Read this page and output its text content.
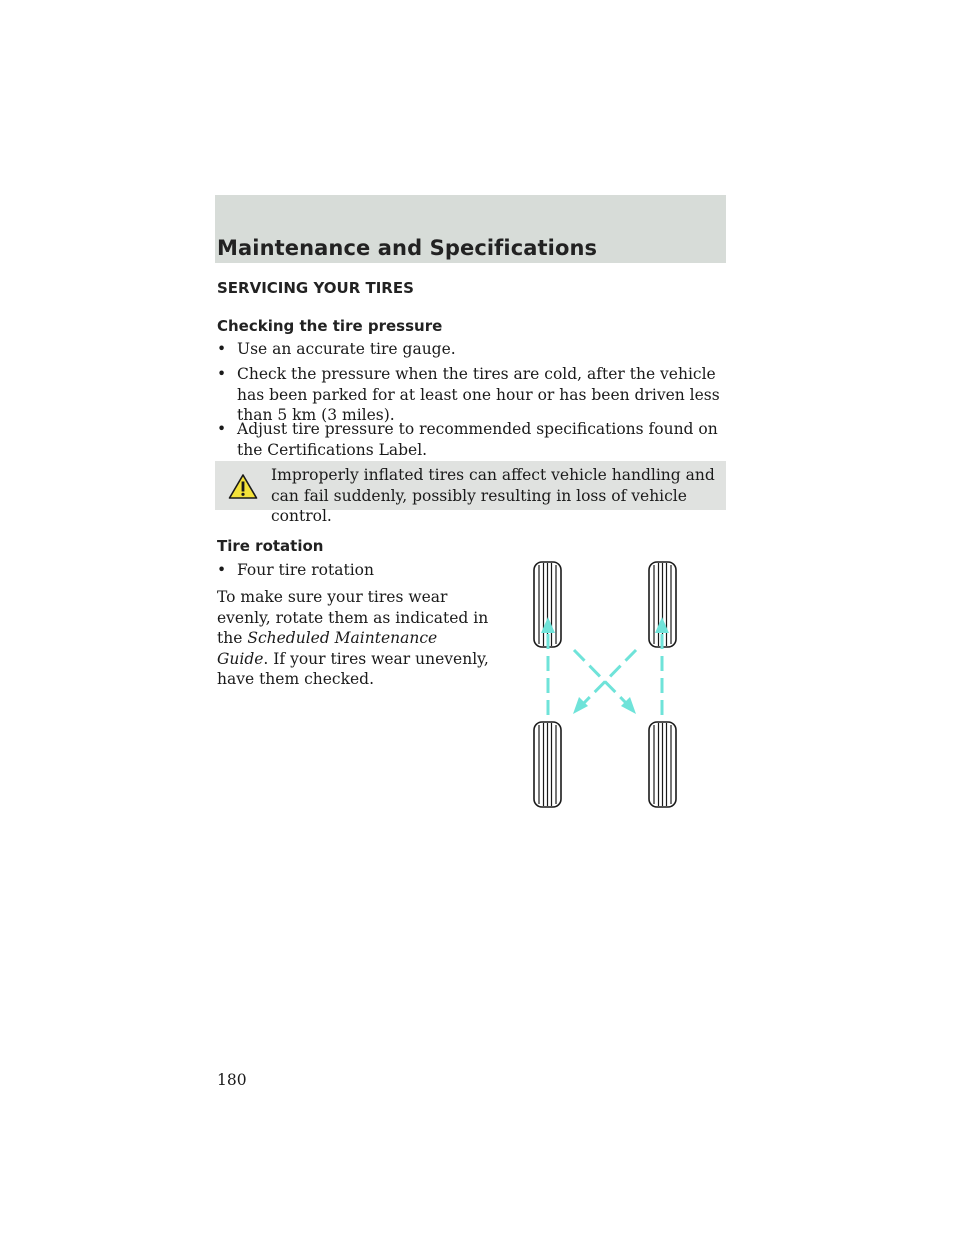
Maintenance and Specifications
SERVICING YOUR TIRES
Checking the tire pressure
• Use an accurate tire gauge.
• Check the pressure when the tires are cold, after the vehicle has been parked for at least one hour or has been driven less than 5 km (3 miles).
• Adjust tire pressure to recommended specifications found on the Certifications Label.
Improperly inflated tires can affect vehicle handling and can fail suddenly, possibly resulting in loss of vehicle control.
Tire rotation
• Four tire rotation
To make sure your tires wear evenly, rotate them as indicated in the Scheduled Maintenance Guide. If your tires wear unevenly, have them checked.
180
